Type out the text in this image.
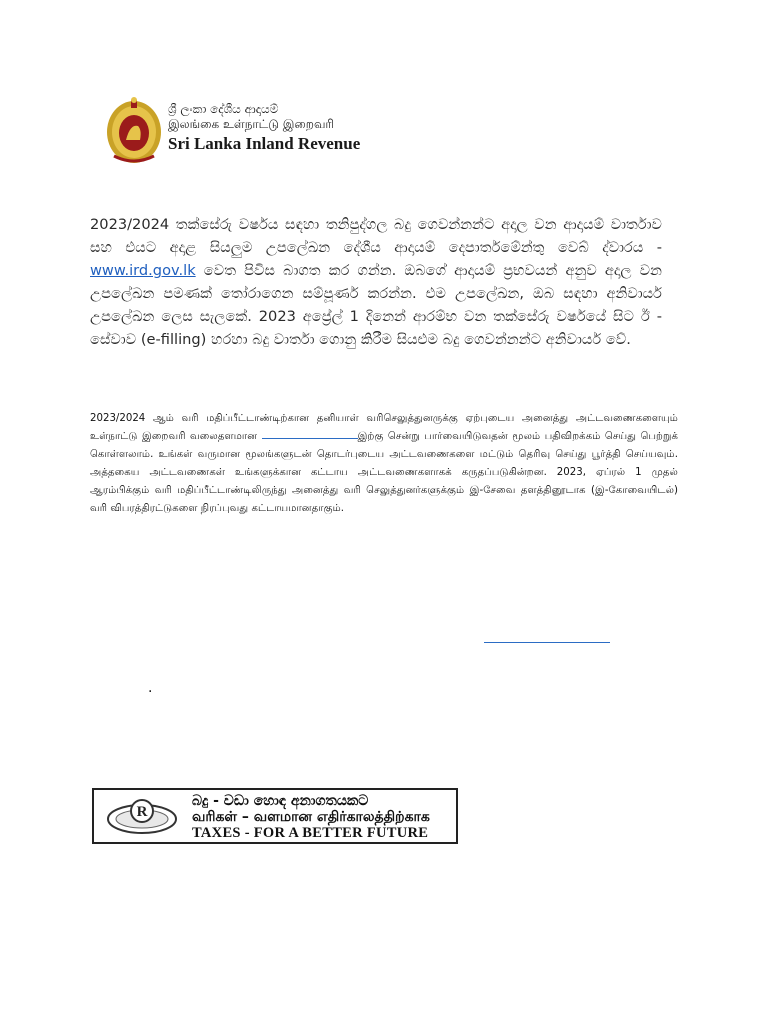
ශ්‍රී ලංකා දේශීය ආදායම්
இலங்கை உள்நாட்டு இறைவரி
Sri Lanka Inland Revenue
2023/2024 තක්සේරු වර්ෂය සඳහා තනිපුද්ගල බදු ගෙවන්නන්ට අදාල වන ආදායම් වාර්තාව සහ එයට අදාළ සියලුම උපලේඛන දේශීය ආදායම් දෙපාර්තමේන්තු වෙබ් ද්වාරය - www.ird.gov.lk වෙත පිවිස බාගත කර ගන්න. ඔබගේ ආදායම් ප්‍රභවයන් අනුව අදාල වන උපලේඛන පමණක් තෝරාගෙන සම්පූර්ණ කරන්න. එම උපලේඛන, ඔබ සඳහා අනිවාර්ය උපලේඛන ලෙස සැලකේ. 2023 අප්‍රේල් 1 දිනෙන් ආරම්භ වන තක්සේරු වර්ෂයේ සිට ඊ - සේවාව (e-filling) හරහා බදු වාර්තා ගොනු කිරීම සියළුම බදු ගෙවන්නන්ට අනිවාර්ය වේ.
2023/2024 ஆம் வரி மதிப்பீட்டாண்டிற்கான தனியாள் வரிசெலுத்துனருக்கு ஏற்புடைய அனைத்து அட்டவணைகளையும் உள்நாட்டு இறைவரி வலைதளமான	இற்கு சென்று பார்வையிடுவதன் மூலம் பதிவிறக்கம் செய்து பெற்றுக் கொள்ளலாம். உங்கள் வருமான மூலங்களுடன் தொடர்புடைய அட்டவணைகளை மட்டும் தெரிவு செய்து பூர்த்தி செய்யவும். அத்தகைய அட்டவணைகள் உங்களுக்கான கட்டாய அட்டவணைகளாகக் கருதப்படுகின்றன. 2023, ஏப்ரல் 1 முதல் ஆரம்பிக்கும் வரி மதிப்பீட்டாண்டிலிருந்து அனைத்து வரி செலுத்துனர்களுக்கும் இ-சேவை தளத்தினூடாக (இ-கோவையிடல்) வரி விபரத்திரட்டுகளை நிரப்புவது கட்டாயமானதாகும்.
.
R
බදු - වඩා හොඳ අනාගතයකට
வரிகள் – வளமான எதிர்காலத்திற்காக
TAXES - FOR A BETTER FUTURE
